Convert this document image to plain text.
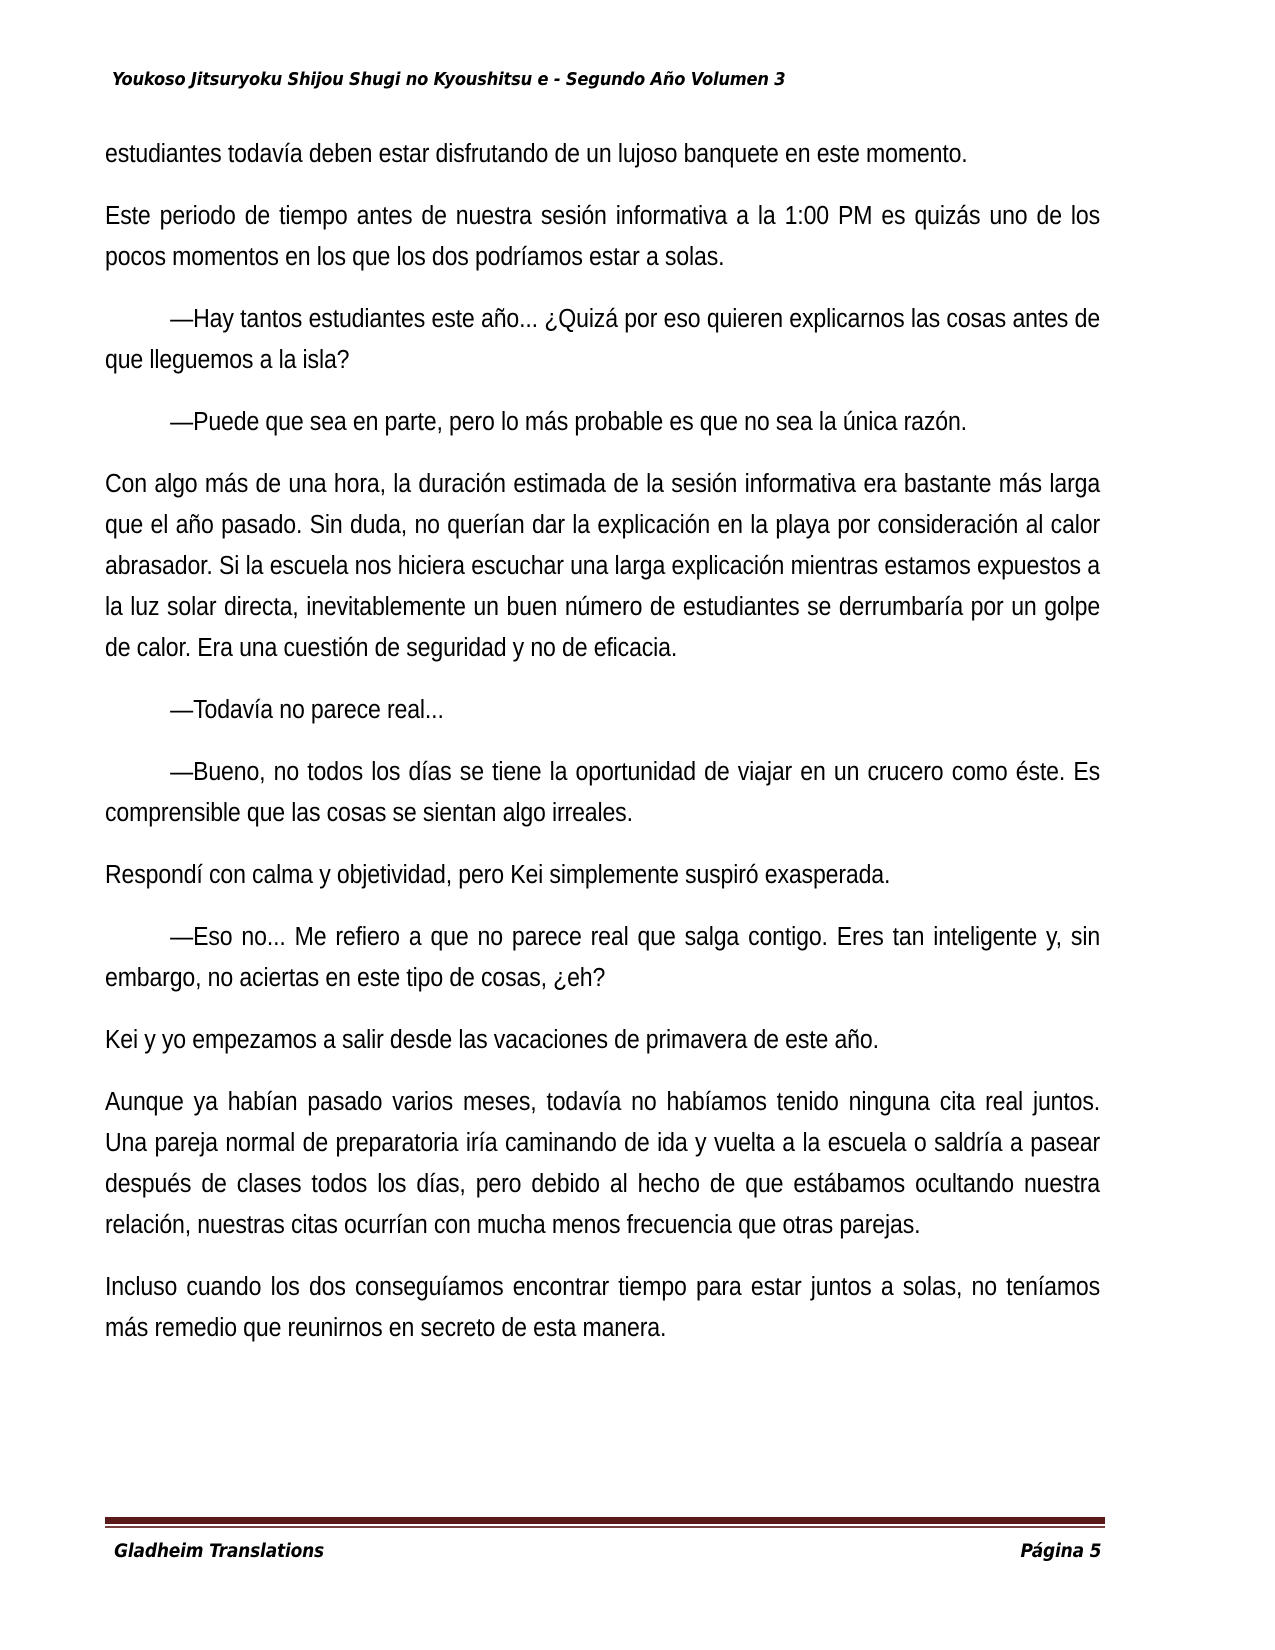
Youkoso Jitsuryoku Shijou Shugi no Kyoushitsu e - Segundo Año Volumen 3

estudiantes todavía deben estar disfrutando de un lujoso banquete en este momento.

Este periodo de tiempo antes de nuestra sesión informativa a la 1:00 PM es quizás uno de los pocos momentos en los que los dos podríamos estar a solas.

—Hay tantos estudiantes este año... ¿Quizá por eso quieren explicarnos las cosas antes de que lleguemos a la isla?

—Puede que sea en parte, pero lo más probable es que no sea la única razón.

Con algo más de una hora, la duración estimada de la sesión informativa era bastante más larga que el año pasado. Sin duda, no querían dar la explicación en la playa por consideración al calor abrasador. Si la escuela nos hiciera escuchar una larga explicación mientras estamos expuestos a la luz solar directa, inevitablemente un buen número de estudiantes se derrumbaría por un golpe de calor. Era una cuestión de seguridad y no de eficacia.

—Todavía no parece real...

—Bueno, no todos los días se tiene la oportunidad de viajar en un crucero como éste. Es comprensible que las cosas se sientan algo irreales.

Respondí con calma y objetividad, pero Kei simplemente suspiró exasperada.

—Eso no... Me refiero a que no parece real que salga contigo. Eres tan inteligente y, sin embargo, no aciertas en este tipo de cosas, ¿eh?

Kei y yo empezamos a salir desde las vacaciones de primavera de este año.

Aunque ya habían pasado varios meses, todavía no habíamos tenido ninguna cita real juntos. Una pareja normal de preparatoria iría caminando de ida y vuelta a la escuela o saldría a pasear después de clases todos los días, pero debido al hecho de que estábamos ocultando nuestra relación, nuestras citas ocurrían con mucha menos frecuencia que otras parejas.

Incluso cuando los dos conseguíamos encontrar tiempo para estar juntos a solas, no teníamos más remedio que reunirnos en secreto de esta manera.

Gladheim Translations	Página 5
